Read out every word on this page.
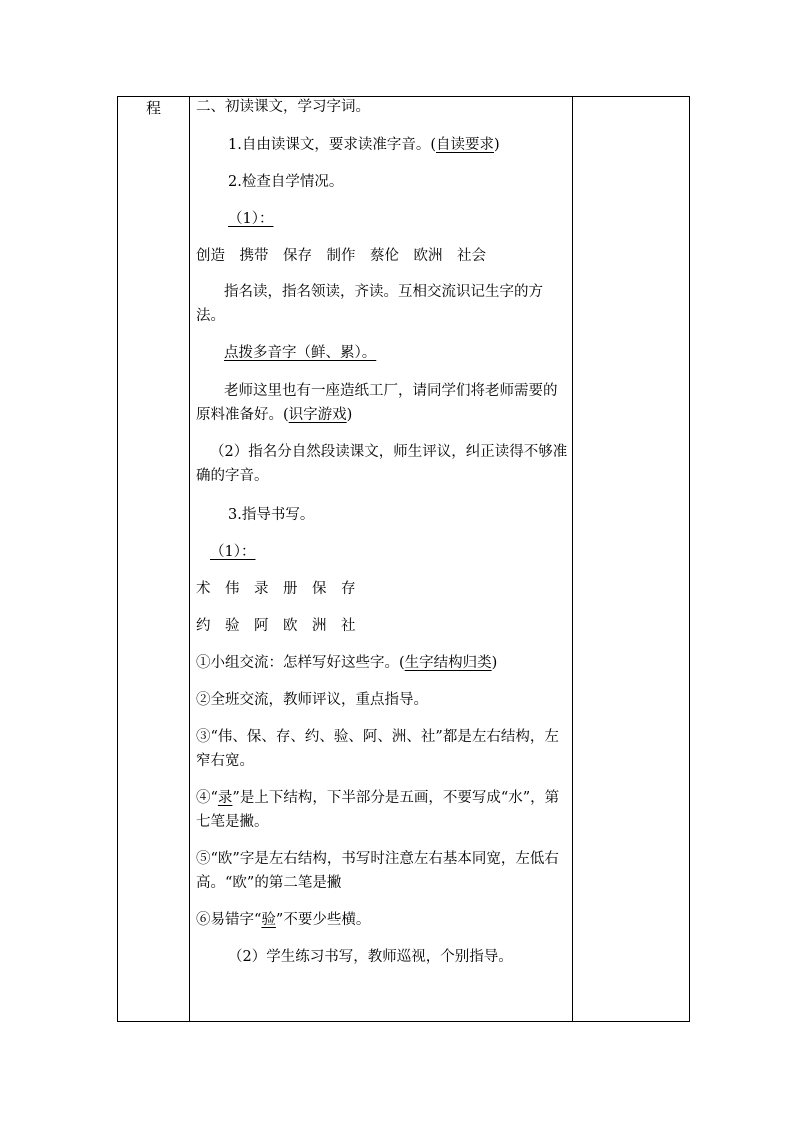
程	二、初读课文，学习字词。
1.自由读课文，要求读准字音。(自读要求)
2.检查自学情况。
（1）：
创造　携带　保存　制作　蔡伦　欧洲　社会
指名读，指名领读，齐读。互相交流识记生字的方法。
点拨多音字（鲜、累）。
老师这里也有一座造纸工厂，请同学们将老师需要的原料准备好。(识字游戏)
（2）指名分自然段读课文，师生评议，纠正读得不够准确的字音。
3.指导书写。
（1）：
术　伟　录　册　保　存
约　验　阿　欧　洲　社
①小组交流：怎样写好这些字。(生字结构归类)
②全班交流，教师评议，重点指导。
③“伟、保、存、约、验、阿、洲、社”都是左右结构，左窄右宽。
④“录”是上下结构，下半部分是五画，不要写成“水”，第七笔是撇。
⑤“欧”字是左右结构，书写时注意左右基本同宽，左低右高。“欧”的第二笔是撇
⑥易错字“验”不要少些横。
（2）学生练习书写，教师巡视，个别指导。
